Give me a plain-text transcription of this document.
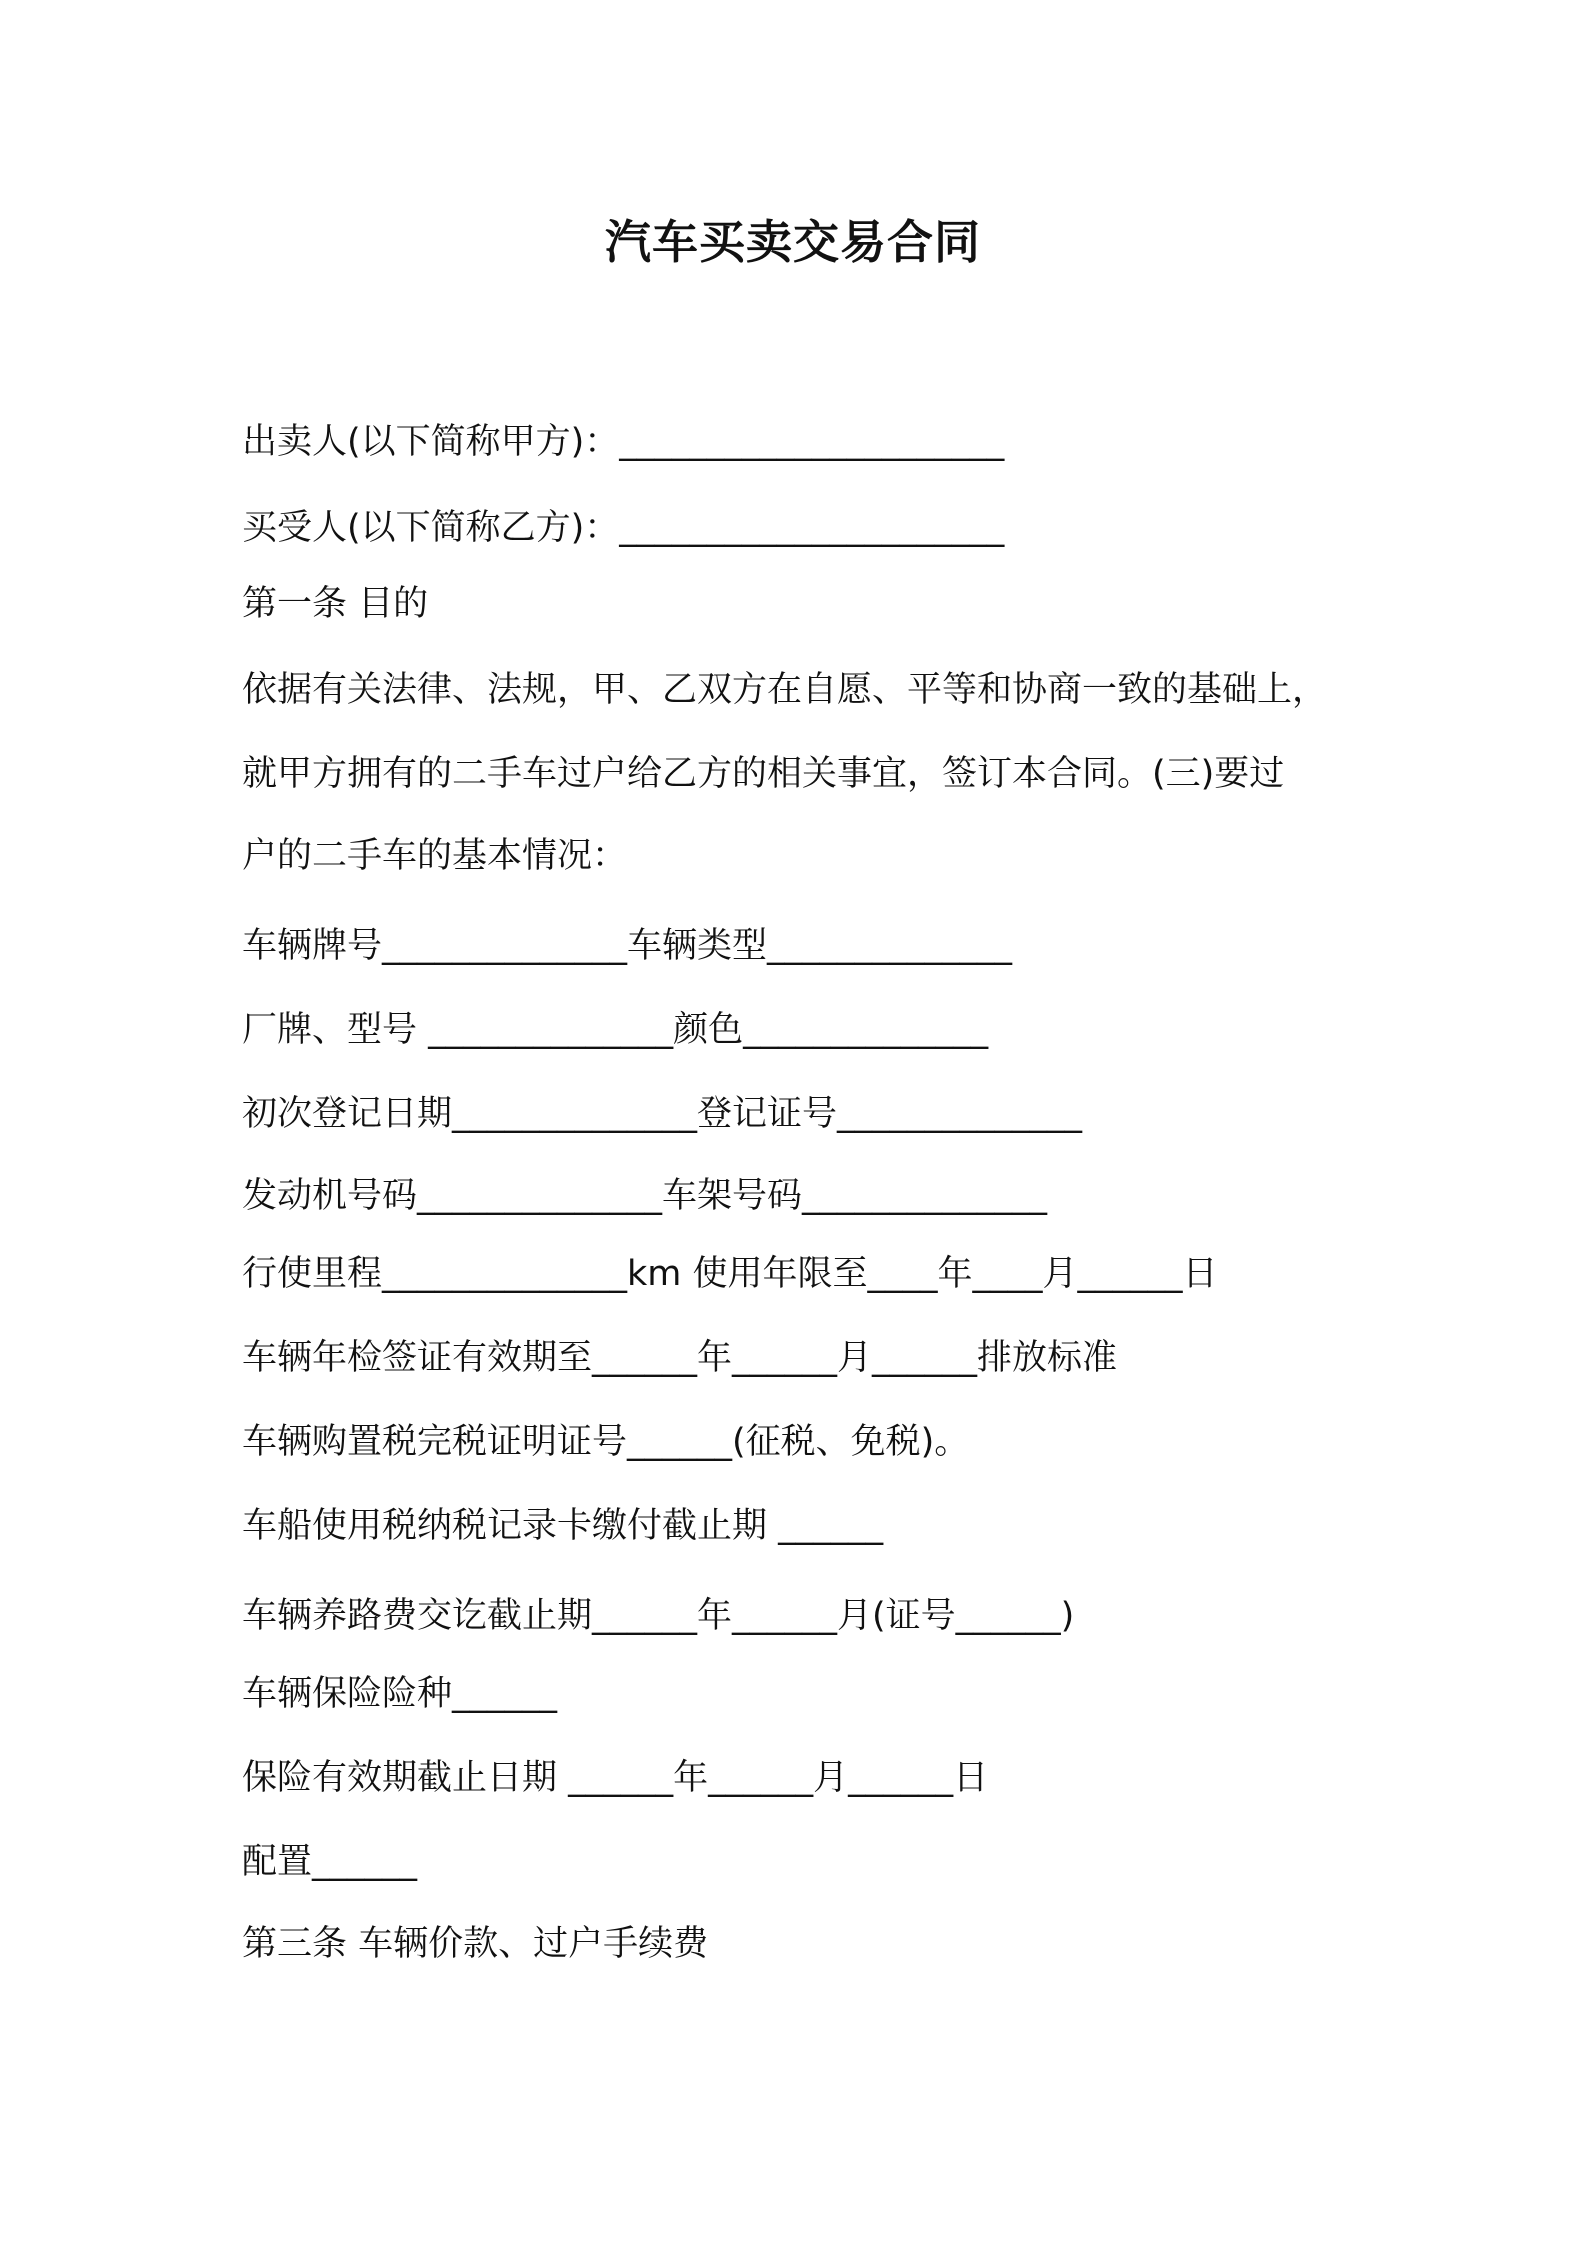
汽车买卖交易合同
出卖人(以下简称甲方)：______________________
买受人(以下简称乙方)：______________________
第一条 目的
依据有关法律、法规，甲、乙双方在自愿、平等和协商一致的基础上，
就甲方拥有的二手车过户给乙方的相关事宜，签订本合同。(三)要过
户的二手车的基本情况：
车辆牌号______________车辆类型______________
厂牌、型号 ______________颜色______________
初次登记日期______________登记证号______________
发动机号码______________车架号码______________
行使里程______________km 使用年限至____年____月______日
车辆年检签证有效期至______年______月______排放标准
车辆购置税完税证明证号______(征税、免税)。
车船使用税纳税记录卡缴付截止期 ______
车辆养路费交讫截止期______年______月(证号______)
车辆保险险种______
保险有效期截止日期 ______年______月______日
配置______
第三条 车辆价款、过户手续费
